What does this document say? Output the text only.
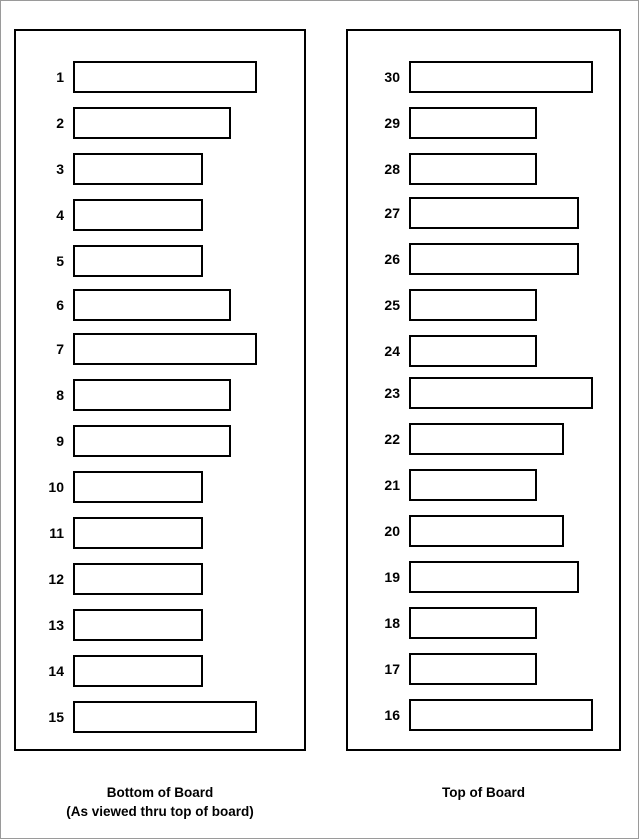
1
2
3
4
5
6
7
8
9
10
11
12
13
14
15
30
29
28
27
26
25
24
23
22
21
20
19
18
17
16
Bottom of Board
(As viewed thru top of board)
Top of Board
